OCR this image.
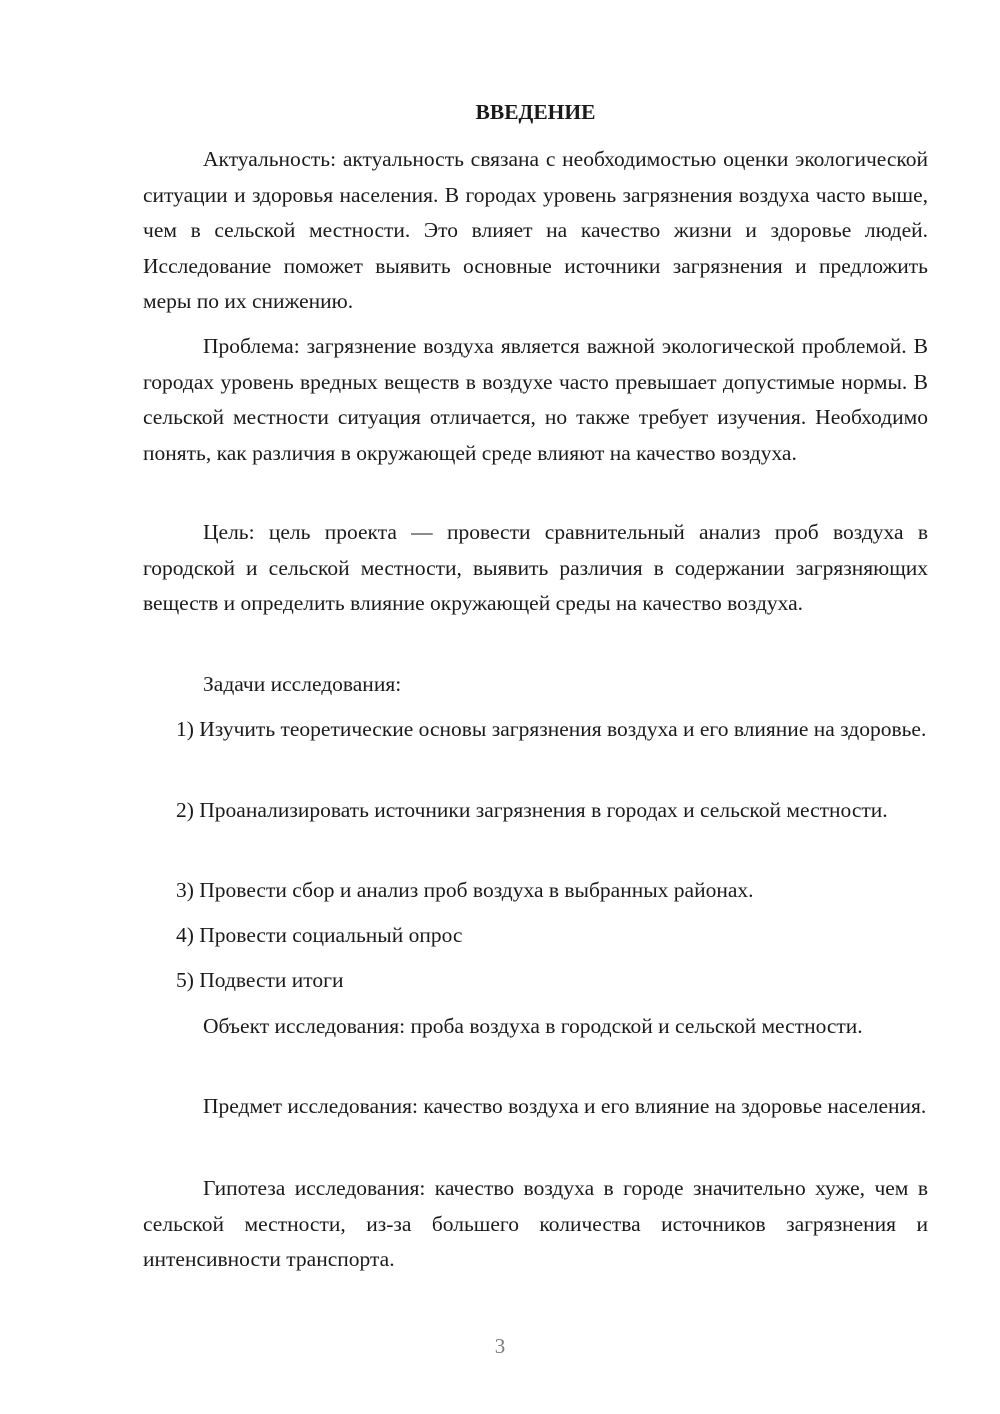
ВВЕДЕНИЕ
Актуальность: актуальность связана с необходимостью оценки экологической ситуации и здоровья населения. В городах уровень загрязнения воздуха часто выше, чем в сельской местности. Это влияет на качество жизни и здоровье людей. Исследование поможет выявить основные источники загрязнения и предложить меры по их снижению.
Проблема: загрязнение воздуха является важной экологической проблемой. В городах уровень вредных веществ в воздухе часто превышает допустимые нормы. В сельской местности ситуация отличается, но также требует изучения. Необходимо понять, как различия в окружающей среде влияют на качество воздуха.
Цель: цель проекта — провести сравнительный анализ проб воздуха в городской и сельской местности, выявить различия в содержании загрязняющих веществ и определить влияние окружающей среды на качество воздуха.
Задачи исследования:
1) Изучить теоретические основы загрязнения воздуха и его влияние на здоровье.
2) Проанализировать источники загрязнения в городах и сельской местности.
3) Провести сбор и анализ проб воздуха в выбранных районах.
4) Провести социальный опрос
5) Подвести итоги
Объект исследования: проба воздуха в городской и сельской местности.
Предмет исследования: качество воздуха и его влияние на здоровье населения.
Гипотеза исследования: качество воздуха в городе значительно хуже, чем в сельской местности, из-за большего количества источников загрязнения и интенсивности транспорта.
3
